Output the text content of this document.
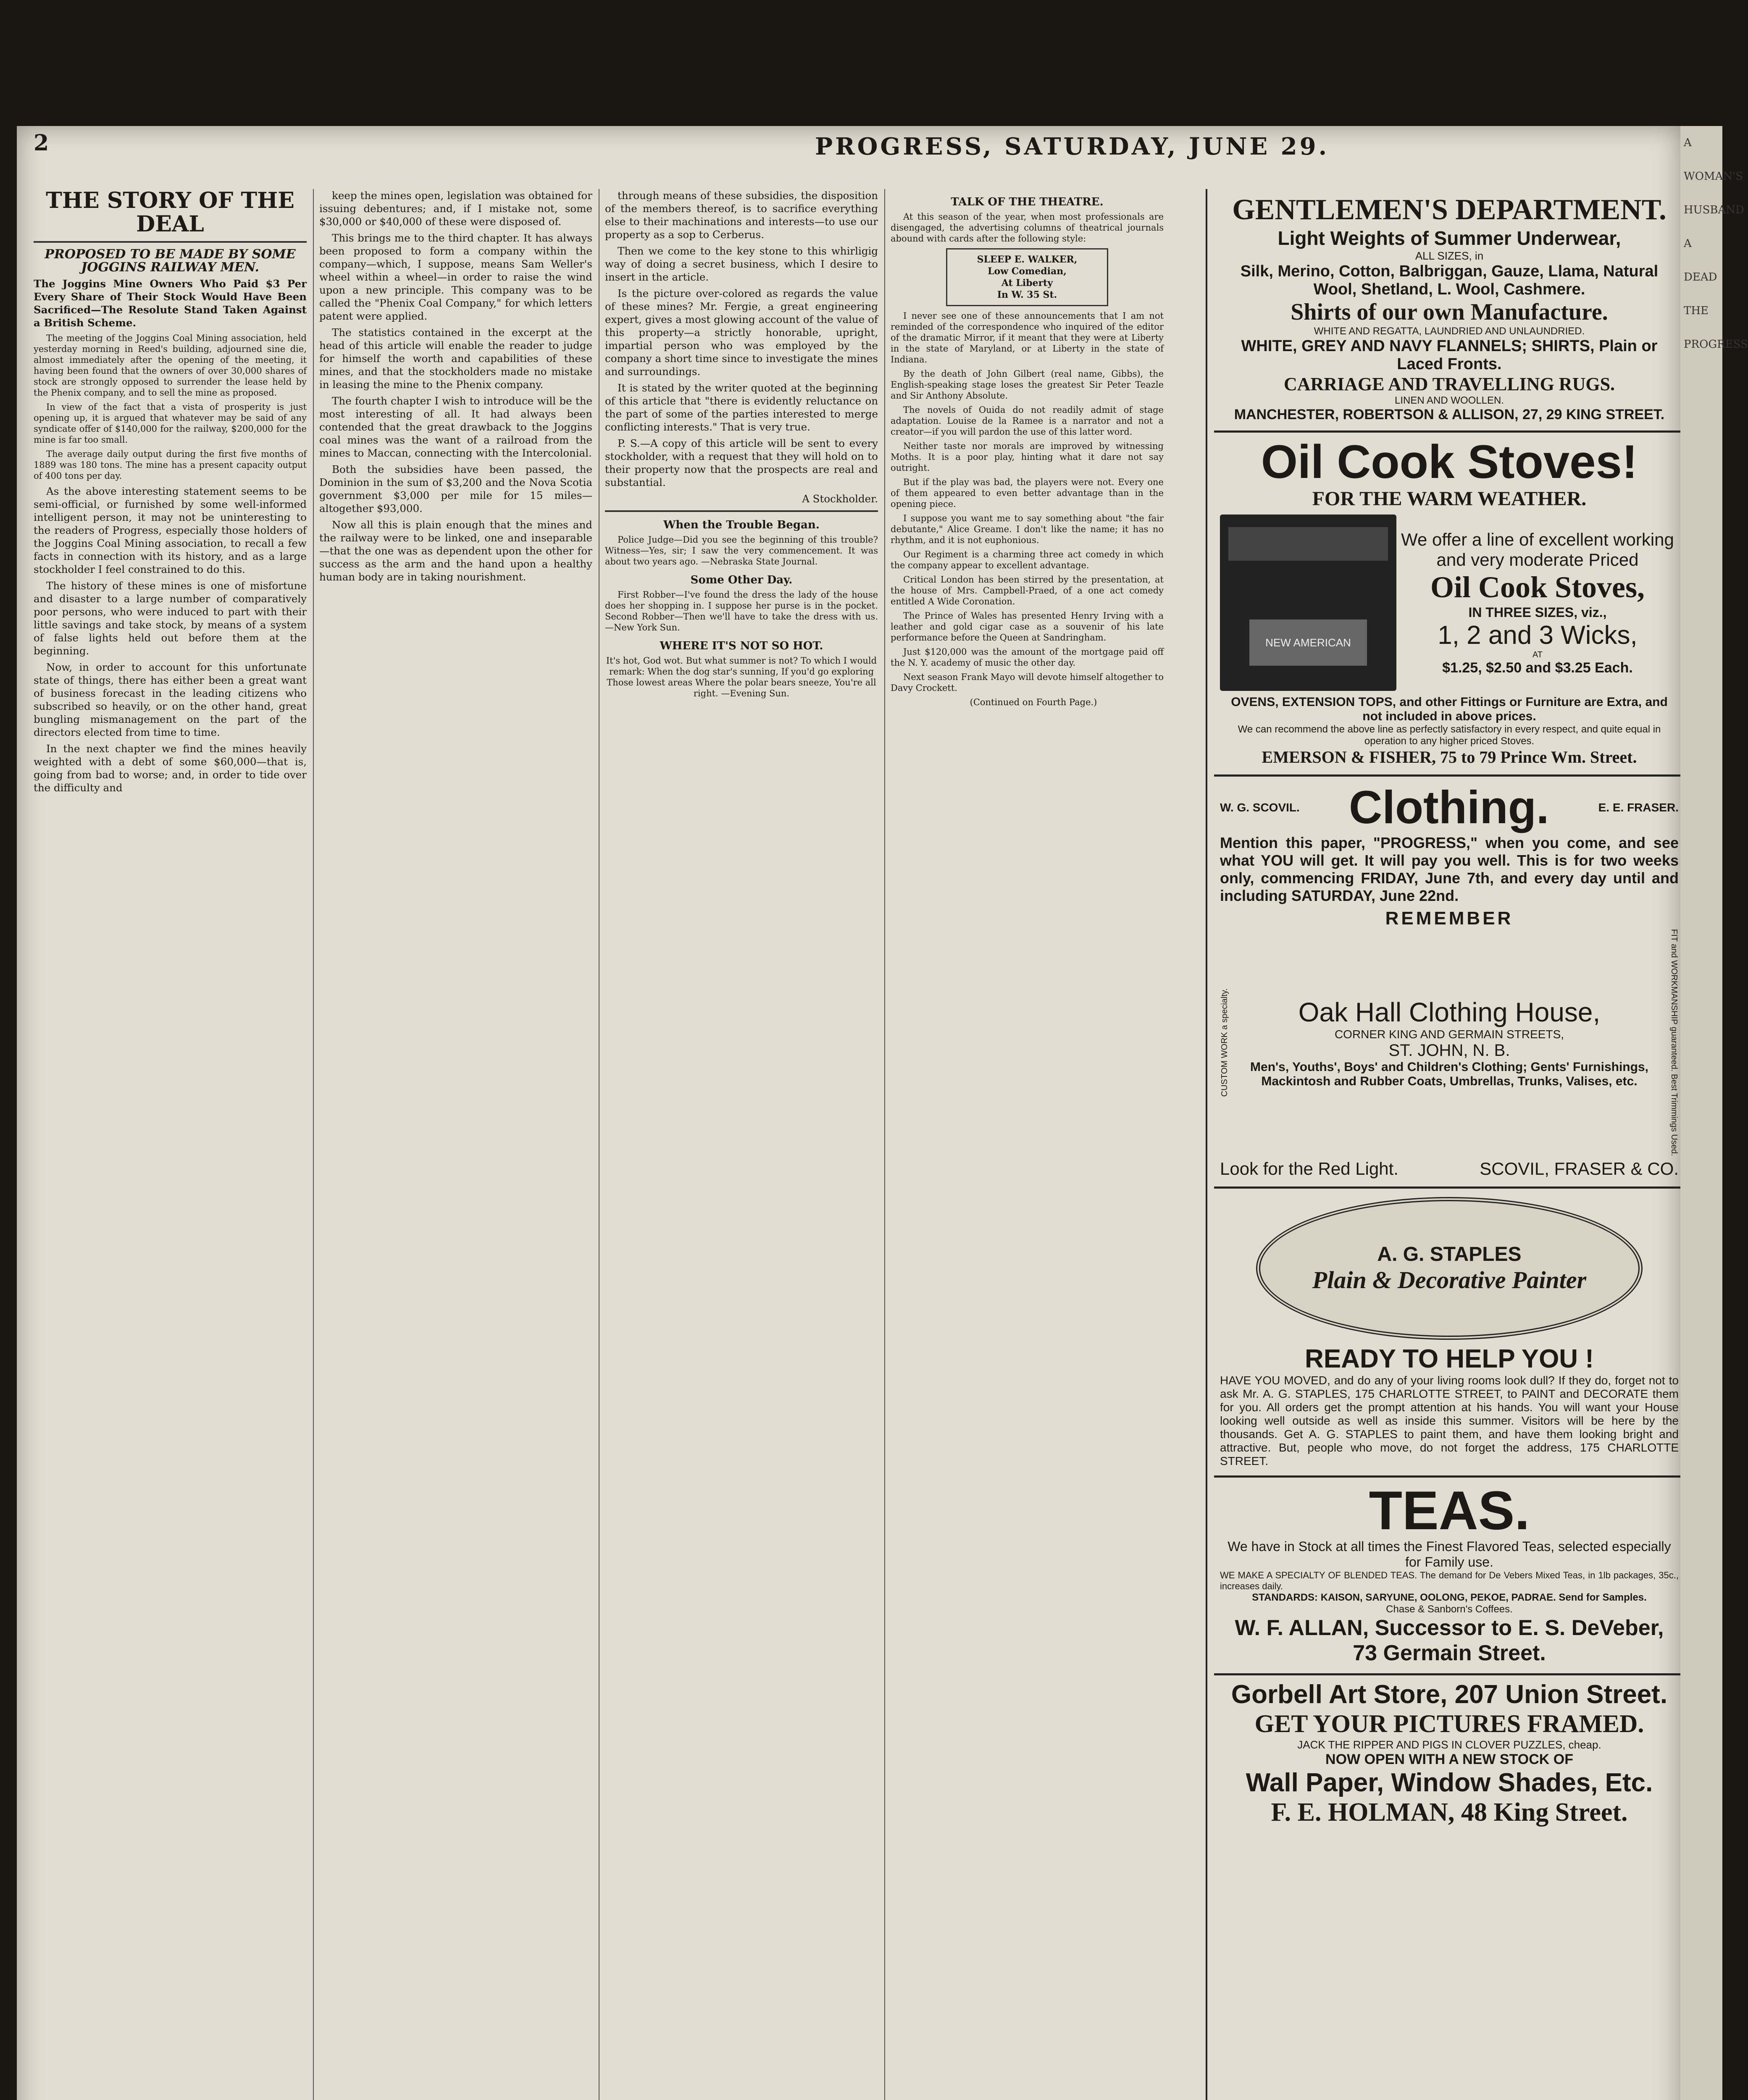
2	PROGRESS, SATURDAY, JUNE 29.
THE STORY OF THE DEAL
PROPOSED TO BE MADE BY SOME JOGGINS RAILWAY MEN.

The Joggins Mine Owners Who Paid $3 Per Every Share of Their Stock Would Have Been Sacrificed—The Resolute Stand Taken Against a British Scheme.

The meeting of the Joggins Coal Mining association, held yesterday morning in Reed's building, adjourned sine die, almost immediately after the opening of the meeting, it having been found that the owners of over 30,000 shares of stock are strongly opposed to surrender the lease held by the Phenix company, and to sell the mine as proposed.

In view of the fact that a vista of prosperity is just opening up, it is argued that whatever may be said of any syndicate offer of $140,000 for the railway, $200,000 for the mine is far too small.

The average daily output during the first five months of 1889 was 180 tons. The mine has a present capacity output of 400 tons per day.

As the above interesting statement seems to be semi-official, or furnished by some well-informed intelligent person, it may not be uninteresting to the readers of Progress, especially those holders of the Joggins Coal Mining association, to recall a few facts in connection with its history, and as a large stockholder I feel constrained to do this.

The history of these mines is one of misfortune and disaster to a large number of comparatively poor persons, who were induced to part with their little savings and take stock, by means of a system of false lights held out before them at the beginning.

Now, in order to account for this unfortunate state of things, there has either been a great want of business forecast in the leading citizens who subscribed so heavily, or on the other hand, great bungling mismanagement on the part of the directors elected from time to time.

In the next chapter we find the mines heavily weighted with a debt of some $60,000—that is, going from bad to worse; and, in order to tide over the difficulty and

keep the mines open, legislation was obtained for issuing debentures; and, if I mistake not, some $30,000 or $40,000 of these were disposed of.

This brings me to the third chapter. It has always been proposed to form a company within the company—which, I suppose, means Sam Weller's wheel within a wheel—in order to raise the wind upon a new principle. This company was to be called the "Phenix Coal Company," for which letters patent were applied.

The statistics contained in the excerpt at the head of this article will enable the reader to judge for himself the worth and capabilities of these mines, and that the stockholders made no mistake in leasing the mine to the Phenix company.

The fourth chapter I wish to introduce will be the most interesting of all. It had always been contended that the great drawback to the Joggins coal mines was the want of a railroad from the mines to Maccan, connecting with the Intercolonial.

Both the subsidies have been passed, the Dominion in the sum of $3,200 and the Nova Scotia government $3,000 per mile for 15 miles—altogether $93,000.

Now all this is plain enough that the mines and the railway were to be linked, one and inseparable—that the one was as dependent upon the other for success as the arm and the hand upon a healthy human body are in taking nourishment.

through means of these subsidies, the disposition of the members thereof, is to sacrifice everything else to their machinations and interests—to use our property as a sop to Cerberus.

Then we come to the key stone to this whirligig way of doing a secret business, which I desire to insert in the article.

Is the picture over-colored as regards the value of these mines? Mr. Fergie, a great engineering expert, gives a most glowing account of the value of this property—a strictly honorable, upright, impartial person who was employed by the company a short time since to investigate the mines and surroundings.

It is stated by the writer quoted at the beginning of this article that "there is evidently reluctance on the part of some of the parties interested to merge conflicting interests." That is very true.

P. S.—A copy of this article will be sent to every stockholder, with a request that they will hold on to their property now that the prospects are real and substantial.

A Stockholder.

When the Trouble Began.

Police Judge—Did you see the beginning of this trouble? Witness—Yes, sir; I saw the very commencement. It was about two years ago. —Nebraska State Journal.

Some Other Day.

First Robber—I've found the dress the lady of the house does her shopping in. I suppose her purse is in the pocket. Second Robber—Then we'll have to take the dress with us. —New York Sun.

WHERE IT'S NOT SO HOT.

It's hot, God wot. But what summer is not? To which I would remark: When the dog star's sunning, If you'd go exploring Those lowest areas Where the polar bears sneeze, You're all right. —Evening Sun.

TALK OF THE THEATRE.

At this season of the year, when most professionals are disengaged, the advertising columns of theatrical journals abound with cards after the following style:

SLEEP E. WALKER,
Low Comedian,
At Liberty
In W. 35 St.

I never see one of these announcements that I am not reminded of the correspondence who inquired of the editor of the dramatic Mirror, if it meant that they were at Liberty in the state of Maryland, or at Liberty in the state of Indiana.

By the death of John Gilbert (real name, Gibbs), the English-speaking stage loses the greatest Sir Peter Teazle and Sir Anthony Absolute.

The novels of Ouida do not readily admit of stage adaptation. Louise de la Ramee is a narrator and not a creator—if you will pardon the use of this latter word.

Neither taste nor morals are improved by witnessing Moths. It is a poor play, hinting what it dare not say outright.

But if the play was bad, the players were not. Every one of them appeared to even better advantage than in the opening piece.

I suppose you want me to say something about "the fair debutante," Alice Greame. I don't like the name; it has no rhythm, and it is not euphonious.

Our Regiment is a charming three act comedy in which the company appear to excellent advantage.

Critical London has been stirred by the presentation, at the house of Mrs. Campbell-Praed, of a one act comedy entitled A Wide Coronation.

The Prince of Wales has presented Henry Irving with a leather and gold cigar case as a souvenir of his late performance before the Queen at Sandringham.

Just $120,000 was the amount of the mortgage paid off the N. Y. academy of music the other day.

Next season Frank Mayo will devote himself altogether to Davy Crockett.

(Continued on Fourth Page.)

GENTLEMEN'S DEPARTMENT.
Light Weights of Summer Underwear,
ALL SIZES, in
Silk, Merino, Cotton, Balbriggan, Gauze, Llama, Natural Wool, Shetland, L. Wool, Cashmere.
Shirts of our own Manufacture.
WHITE AND REGATTA, LAUNDRIED AND UNLAUNDRIED.
WHITE, GREY AND NAVY FLANNELS; SHIRTS, Plain or Laced Fronts.
CARRIAGE AND TRAVELLING RUGS.
LINEN AND WOOLLEN.
MANCHESTER, ROBERTSON & ALLISON, 27, 29 KING STREET.
Oil Cook Stoves!
FOR THE WARM WEATHER.
NEW AMERICAN
We offer a line of excellent working and very moderate Priced
Oil Cook Stoves,
IN THREE SIZES, viz.,
1, 2 and 3 Wicks,
AT
$1.25, $2.50 and $3.25 Each.
OVENS, EXTENSION TOPS, and other Fittings or Furniture are Extra, and not included in above prices.
We can recommend the above line as perfectly satisfactory in every respect, and quite equal in operation to any higher priced Stoves.
EMERSON & FISHER, 75 to 79 Prince Wm. Street.
W. G. SCOVIL. Clothing.	E. E. FRASER.
Mention this paper, "PROGRESS," when you come, and see what YOU will get. It will pay you well. This is for two weeks only, commencing FRIDAY, June 7th, and every day until and including SATURDAY, June 22nd.
REMEMBER
CUSTOM WORK a specialty.	Oak Hall Clothing House,
CORNER KING AND GERMAIN STREETS,
ST. JOHN, N. B.
Men's, Youths', Boys' and Children's Clothing; Gents' Furnishings, Mackintosh and Rubber Coats, Umbrellas, Trunks, Valises, etc.	FIT and WORKMANSHIP guaranteed. Best Trimmings Used.
Look for the Red Light.	SCOVIL, FRASER & CO.
A. G. STAPLES
Plain & Decorative Painter
READY TO HELP YOU !
HAVE YOU MOVED, and do any of your living rooms look dull? If they do, forget not to ask Mr. A. G. STAPLES, 175 CHARLOTTE STREET, to PAINT and DECORATE them for you. All orders get the prompt attention at his hands. You will want your House looking well outside as well as inside this summer. Visitors will be here by the thousands. Get A. G. STAPLES to paint them, and have them looking bright and attractive. But, people who move, do not forget the address, 175 CHARLOTTE STREET.
TEAS.
We have in Stock at all times the Finest Flavored Teas, selected especially for Family use.
WE MAKE A SPECIALTY OF BLENDED TEAS. The demand for De Vebers Mixed Teas, in 1lb packages, 35c., increases daily.
STANDARDS: KAISON, SARYUNE, OOLONG, PEKOE, PADRAE. Send for Samples.
Chase & Sanborn's Coffees.
W. F. ALLAN, Successor to E. S. DeVeber, 73 Germain Street.
Gorbell Art Store, 207 Union Street.
GET YOUR PICTURES FRAMED.
JACK THE RIPPER AND PIGS IN CLOVER PUZZLES, cheap.
NOW OPEN WITH A NEW STOCK OF
Wall Paper, Window Shades, Etc.
F. E. HOLMAN, 48 King Street.
A WOMAN'S
HUSBAND
A DEAD
THE
PROGRESS
